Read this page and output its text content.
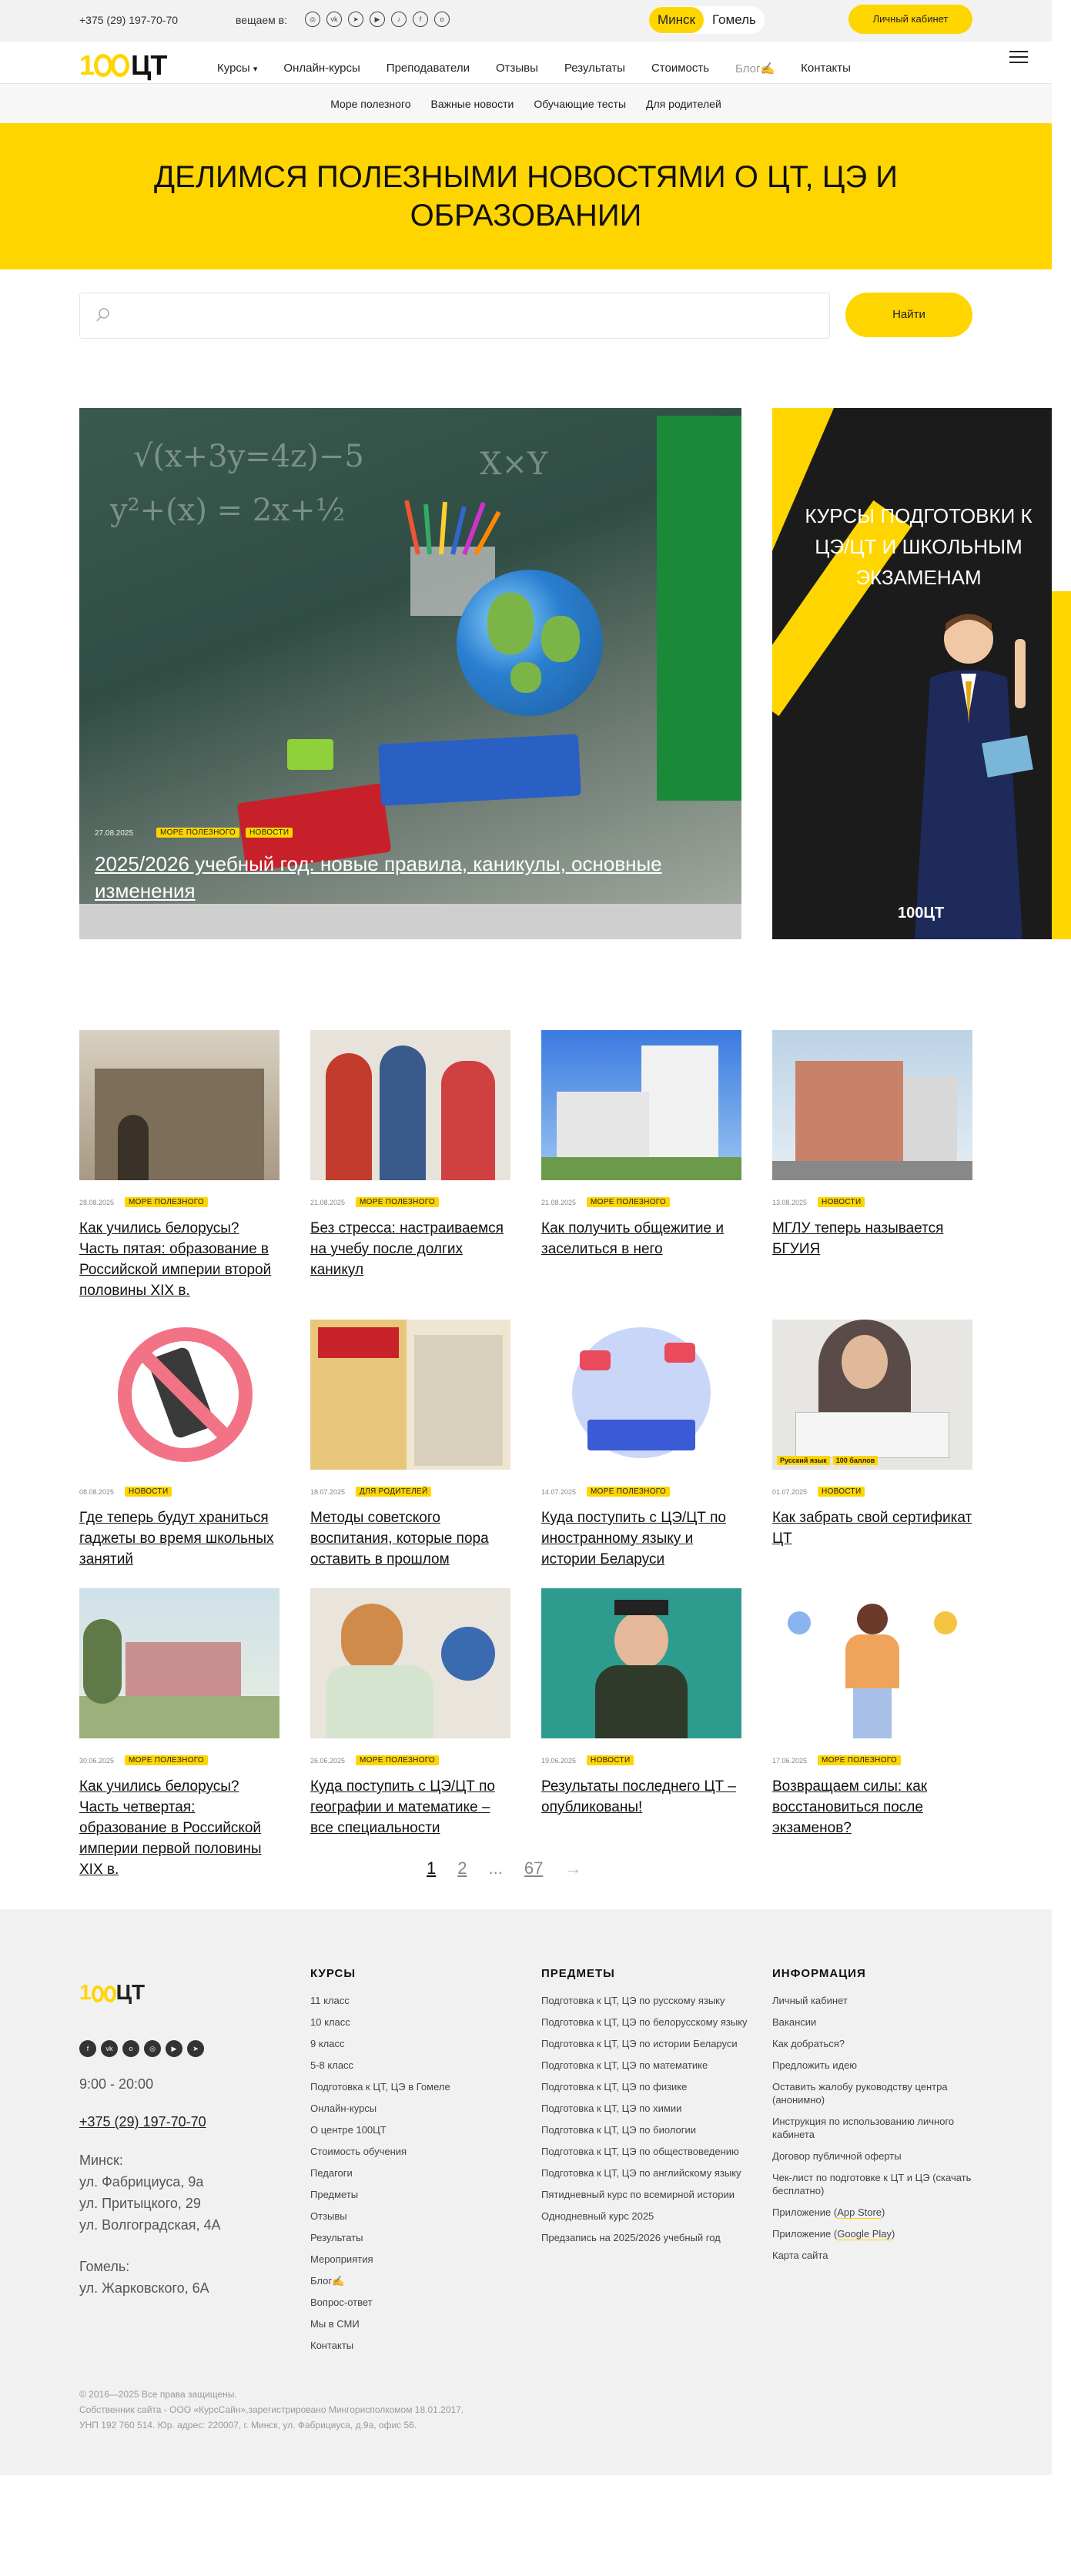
+375 (29) 197-70-70	вещаем в:	◎	vk	➤	▶	♪	f	о	Минск	Гомель	Личный кабинет
1 ЦТ	Курсы ▾ Онлайн-курсы Преподаватели Отзывы Результаты Стоимость Блог✍️ Контакты
Море полезного Важные новости Обучающие тесты Для родителей
ДЕЛИМСЯ ПОЛЕЗНЫМИ НОВОСТЯМИ О ЦТ, ЦЭ И ОБРАЗОВАНИИ
Найти
√(x+3y=4z)−5
y²+(x) = 2x+½
X×Y
27.08.2025	МОРЕ ПОЛЕЗНОГО	НОВОСТИ
2025/2026 учебный год: новые правила, каникулы, основные изменения
КУРСЫ ПОДГОТОВКИ К ЦЭ/ЦТ И ШКОЛЬНЫМ ЭКЗАМЕНАМ
100ЦТ
28.08.2025	МОРЕ ПОЛЕЗНОГО
Как учились белорусы? Часть пятая: образование в Российской империи второй половины XIX в.
21.08.2025	МОРЕ ПОЛЕЗНОГО
Без стресса: настраиваемся на учебу после долгих каникул
21.08.2025	МОРЕ ПОЛЕЗНОГО
Как получить общежитие и заселиться в него
13.08.2025	НОВОСТИ
МГЛУ теперь называется БГУИЯ
08.08.2025	НОВОСТИ
Где теперь будут храниться гаджеты во время школьных занятий
18.07.2025	ДЛЯ РОДИТЕЛЕЙ
Методы советского воспитания, которые пора оставить в прошлом
14.07.2025	МОРЕ ПОЛЕЗНОГО
Куда поступить с ЦЭ/ЦТ по иностранному языку и истории Беларуси
Русский язык	100 баллов
01.07.2025	НОВОСТИ
Как забрать свой сертификат ЦТ
30.06.2025	МОРЕ ПОЛЕЗНОГО
Как учились белорусы? Часть четвертая: образование в Российской империи первой половины XIX в.
26.06.2025	МОРЕ ПОЛЕЗНОГО
Куда поступить с ЦЭ/ЦТ по географии и математике – все специальности
19.06.2025	НОВОСТИ
Результаты последнего ЦТ – опубликованы!
17.06.2025	МОРЕ ПОЛЕЗНОГО
Возвращаем силы: как восстановиться после экзаменов?
1 2 ... 67 →
1 ЦТ
f	vk	о	◎	▶	➤
9:00 - 20:00
+375 (29) 197-70-70
Минск:
ул. Фабрициуса, 9а
ул. Притыцкого, 29
ул. Волгоградская, 4А
Гомель:
ул. Жарковского, 6А
КУРСЫ
11 класс
10 класс
9 класс
5-8 класс
Подготовка к ЦТ, ЦЭ в Гомеле
Онлайн-курсы
О центре 100ЦТ
Стоимость обучения
Педагоги
Предметы
Отзывы
Результаты
Мероприятия
Блог✍️
Вопрос-ответ
Мы в СМИ
Контакты
ПРЕДМЕТЫ
Подготовка к ЦТ, ЦЭ по русскому языку
Подготовка к ЦТ, ЦЭ по белорусскому языку
Подготовка к ЦТ, ЦЭ по истории Беларуси
Подготовка к ЦТ, ЦЭ по математике
Подготовка к ЦТ, ЦЭ по физике
Подготовка к ЦТ, ЦЭ по химии
Подготовка к ЦТ, ЦЭ по биологии
Подготовка к ЦТ, ЦЭ по обществоведению
Подготовка к ЦТ, ЦЭ по английскому языку
Пятидневный курс по всемирной истории
Однодневный курс 2025
Предзапись на 2025/2026 учебный год
ИНФОРМАЦИЯ
Личный кабинет
Вакансии
Как добраться?
Предложить идею
Оставить жалобу руководству центра (анонимно)
Инструкция по использованию личного кабинета
Договор публичной оферты
Чек-лист по подготовке к ЦТ и ЦЭ (скачать бесплатно)
Приложение (App Store)
Приложение (Google Play)
Карта сайта
© 2016—2025 Все права защищены.
Собственник сайта - ООО «КурсСайн»,зарегистрировано Мингорисполкомом 18.01.2017.
УНП 192 760 514. Юр. адрес: 220007, г. Минск, ул. Фабрициуса, д.9а, офис 56.
